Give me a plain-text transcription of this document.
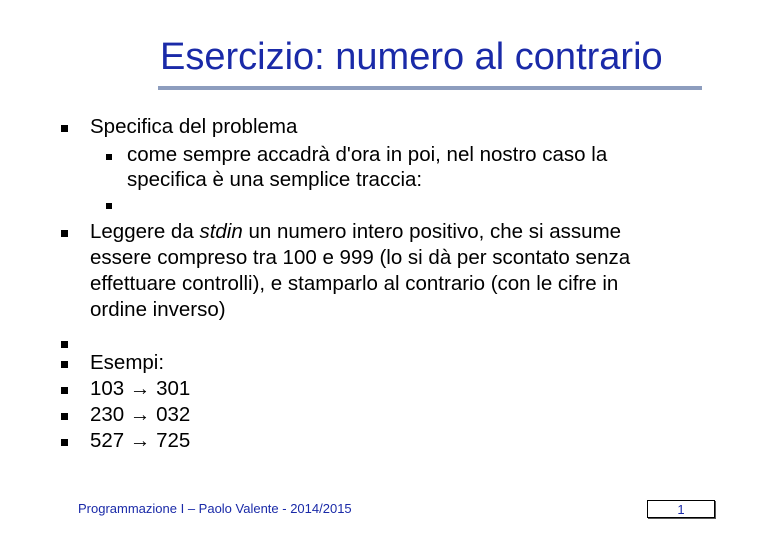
Esercizio: numero al contrario
Specifica del problema
come sempre accadrà d'ora in poi, nel nostro caso la
specifica è una semplice traccia:
Leggere da stdin un numero intero positivo, che si assume
essere compreso tra 100 e 999 (lo si dà per scontato senza
effettuare controlli), e stamparlo al contrario (con le cifre in
ordine inverso)
Esempi:
103 → 301
230 → 032
527 → 725
Programmazione I – Paolo Valente - 2014/2015	1
